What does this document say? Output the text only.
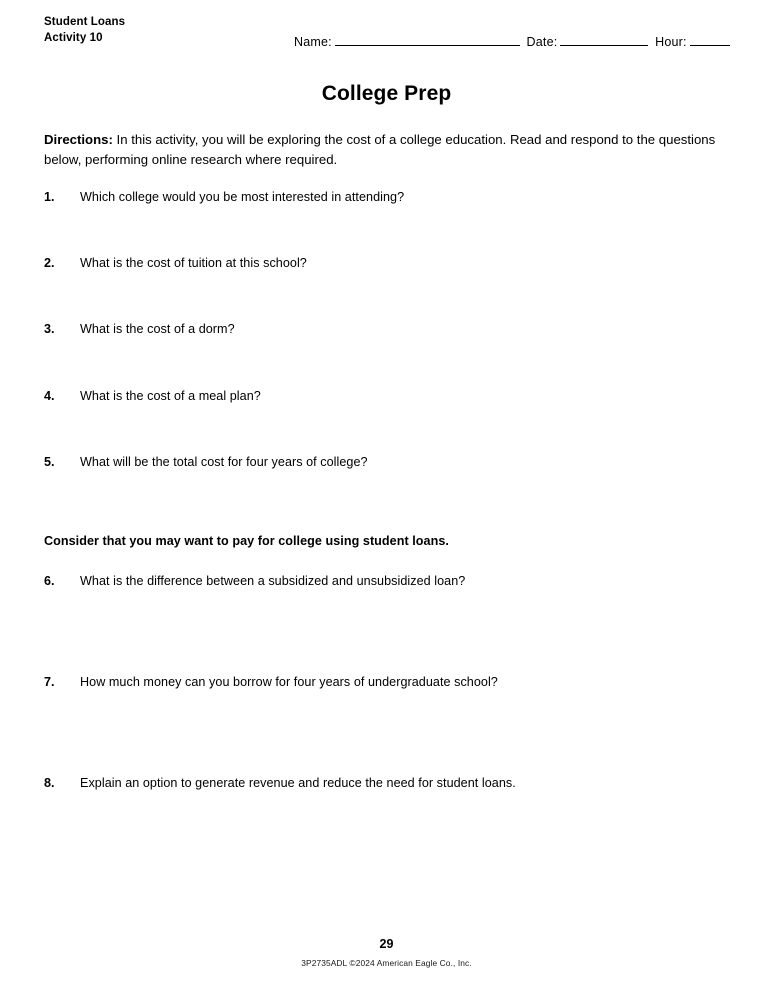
Student Loans
Activity 10	Name:	Date:	Hour:
College Prep
Directions: In this activity, you will be exploring the cost of a college education. Read and respond to the questions below, performing online research where required.
1.	Which college would you be most interested in attending?
2.	What is the cost of tuition at this school?
3.	What is the cost of a dorm?
4.	What is the cost of a meal plan?
5.	What will be the total cost for four years of college?
Consider that you may want to pay for college using student loans.
6.	What is the difference between a subsidized and unsubsidized loan?
7.	How much money can you borrow for four years of undergraduate school?
8.	Explain an option to generate revenue and reduce the need for student loans.
29
3P2735ADL ©2024 American Eagle Co., Inc.
